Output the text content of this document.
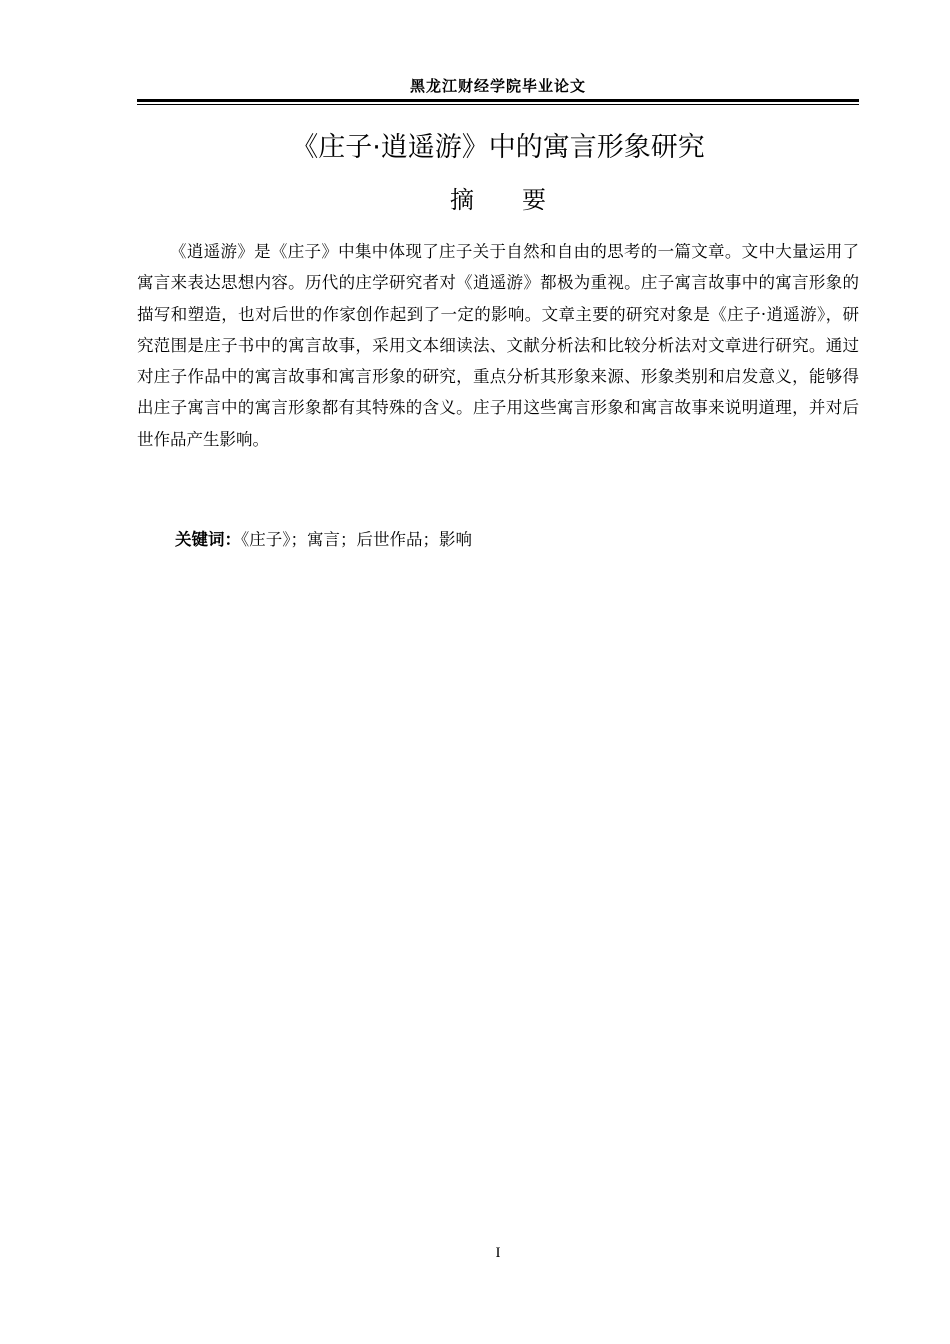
黑龙江财经学院毕业论文
《庄子·逍遥游》中的寓言形象研究
摘要

《逍遥游》是《庄子》中集中体现了庄子关于自然和自由的思考的一篇文章。文中大量运用了寓言来表达思想内容。历代的庄学研究者对《逍遥游》都极为重视。庄子寓言故事中的寓言形象的描写和塑造，也对后世的作家创作起到了一定的影响。文章主要的研究对象是《庄子·逍遥游》，研究范围是庄子书中的寓言故事，采用文本细读法、文献分析法和比较分析法对文章进行研究。通过对庄子作品中的寓言故事和寓言形象的研究，重点分析其形象来源、形象类别和启发意义，能够得出庄子寓言中的寓言形象都有其特殊的含义。庄子用这些寓言形象和寓言故事来说明道理，并对后世作品产生影响。

关键词：《庄子》；寓言；后世作品；影响
I
